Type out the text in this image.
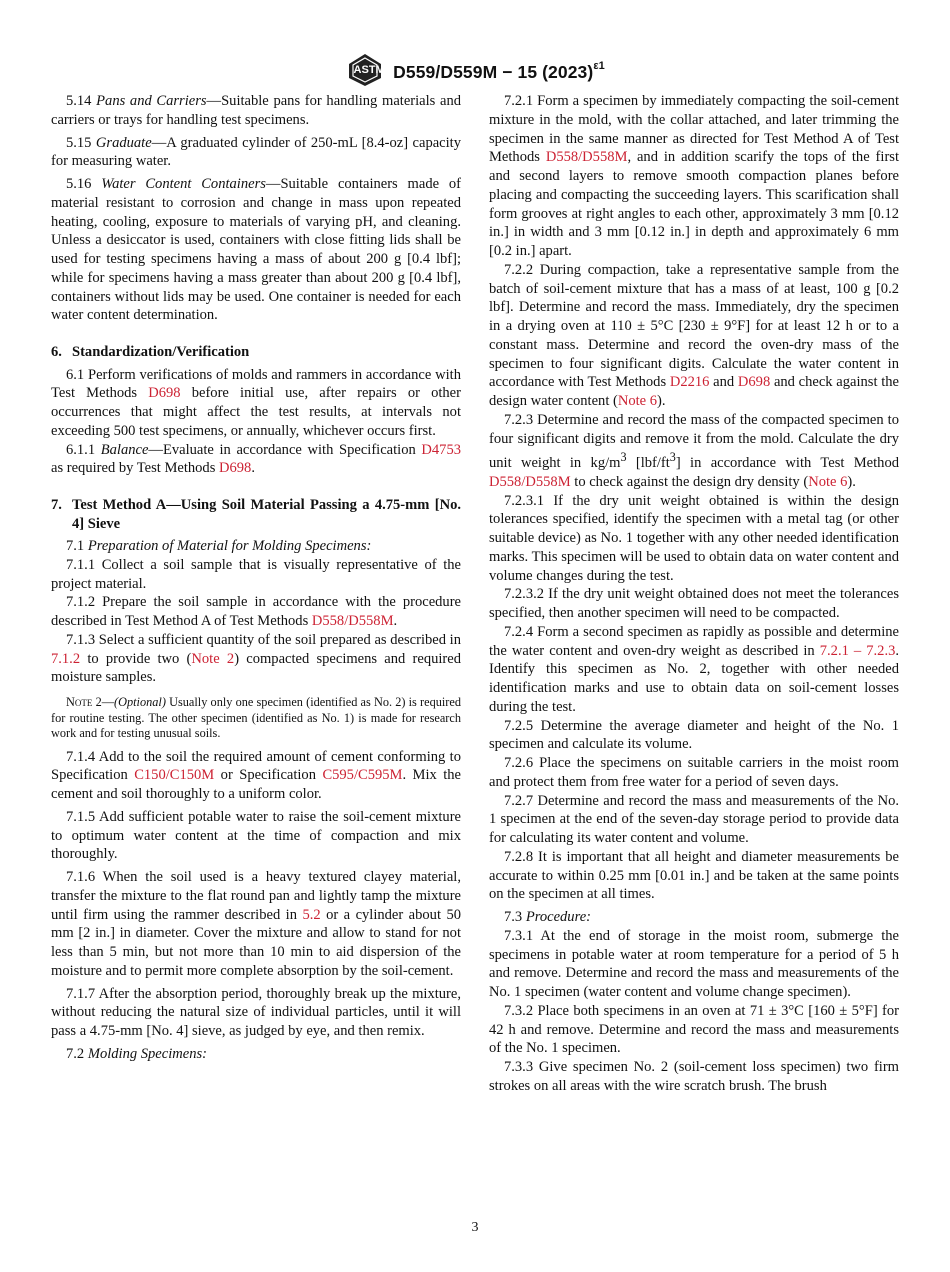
ASTM D559/D559M − 15 $(2023)^{\varepsilon 1}$

5.14 Pans and Carriers—Suitable pans for handling materials and carriers or trays for handling test specimens.

5.15 Graduate—A graduated cylinder of 250-mL [8.4-oz] capacity for measuring water.

5.16 Water Content Containers—Suitable containers made of material resistant to corrosion and change in mass upon repeated heating, cooling, exposure to materials of varying pH, and cleaning. Unless a desiccator is used, containers with close fitting lids shall be used for testing specimens having a mass of about 200 g [0.4 lbf]; while for specimens having a mass greater than about 200 g [0.4 lbf], containers without lids may be used. One container is needed for each water content determination.

6. Standardization/Verification

6.1 Perform verifications of molds and rammers in accordance with Test Methods D698 before initial use, after repairs or other occurrences that might affect the test results, at intervals not exceeding 500 test specimens, or annually, whichever occurs first.

6.1.1 Balance—Evaluate in accordance with Specification D4753 as required by Test Methods D698.

7. Test Method A—Using Soil Material Passing a 4.75-mm [No. 4] Sieve

7.1 Preparation of Material for Molding Specimens:

7.1.1 Collect a soil sample that is visually representative of the project material.

7.1.2 Prepare the soil sample in accordance with the procedure described in Test Method A of Test Methods D558/D558M.

7.1.3 Select a sufficient quantity of the soil prepared as described in 7.1.2 to provide two (Note 2) compacted specimens and required moisture samples.

Note 2—(Optional) Usually only one specimen (identified as No. 2) is required for routine testing. The other specimen (identified as No. 1) is made for research work and for testing unusual soils.

7.1.4 Add to the soil the required amount of cement conforming to Specification C150/C150M or Specification C595/C595M. Mix the cement and soil thoroughly to a uniform color.

7.1.5 Add sufficient potable water to raise the soil-cement mixture to optimum water content at the time of compaction and mix thoroughly.

7.1.6 When the soil used is a heavy textured clayey material, transfer the mixture to the flat round pan and lightly tamp the mixture until firm using the rammer described in 5.2 or a cylinder about 50 mm [2 in.] in diameter. Cover the mixture and allow to stand for not less than 5 min, but not more than 10 min to aid dispersion of the moisture and to permit more complete absorption by the soil-cement.

7.1.7 After the absorption period, thoroughly break up the mixture, without reducing the natural size of individual particles, until it will pass a 4.75-mm [No. 4] sieve, as judged by eye, and then remix.

7.2 Molding Specimens:

7.2.1 Form a specimen by immediately compacting the soil-cement mixture in the mold, with the collar attached, and later trimming the specimen in the same manner as directed for Test Method A of Test Methods D558/D558M, and in addition scarify the tops of the first and second layers to remove smooth compaction planes before placing and compacting the succeeding layers. This scarification shall form grooves at right angles to each other, approximately 3 mm [0.12 in.] in width and 3 mm [0.12 in.] in depth and approximately 6 mm [0.2 in.] apart.

7.2.2 During compaction, take a representative sample from the batch of soil-cement mixture that has a mass of at least, 100 g [0.2 lbf]. Determine and record the mass. Immediately, dry the specimen in a drying oven at 110 ± 5°C [230 ± 9°F] for at least 12 h or to a constant mass. Determine and record the oven-dry mass of the specimen to four significant digits. Calculate the water content in accordance with Test Methods D2216 and D698 and check against the design water content (Note 6).

7.2.3 Determine and record the mass of the compacted specimen to four significant digits and remove it from the mold. Calculate the dry unit weight in $kg/m^3$ $[lbf/ft^3]$ in accordance with Test Method D558/D558M to check against the design dry density (Note 6).

7.2.3.1 If the dry unit weight obtained is within the design tolerances specified, identify the specimen with a metal tag (or other suitable device) as No. 1 together with any other needed identification marks. This specimen will be used to obtain data on water content and volume changes during the test.

7.2.3.2 If the dry unit weight obtained does not meet the tolerances specified, then another specimen will need to be compacted.

7.2.4 Form a second specimen as rapidly as possible and determine the water content and oven-dry weight as described in 7.2.1 – 7.2.3. Identify this specimen as No. 2, together with other needed identification marks and use to obtain data on soil-cement losses during the test.

7.2.5 Determine the average diameter and height of the No. 1 specimen and calculate its volume.

7.2.6 Place the specimens on suitable carriers in the moist room and protect them from free water for a period of seven days.

7.2.7 Determine and record the mass and measurements of the No. 1 specimen at the end of the seven-day storage period to provide data for calculating its water content and volume.

7.2.8 It is important that all height and diameter measurements be accurate to within 0.25 mm [0.01 in.] and be taken at the same points on the specimen at all times.

7.3 Procedure:

7.3.1 At the end of storage in the moist room, submerge the specimens in potable water at room temperature for a period of 5 h and remove. Determine and record the mass and measurements of the No. 1 specimen (water content and volume change specimen).

7.3.2 Place both specimens in an oven at 71 ± 3°C [160 ± 5°F] for 42 h and remove. Determine and record the mass and measurements of the No. 1 specimen.

7.3.3 Give specimen No. 2 (soil-cement loss specimen) two firm strokes on all areas with the wire scratch brush. The brush

3
